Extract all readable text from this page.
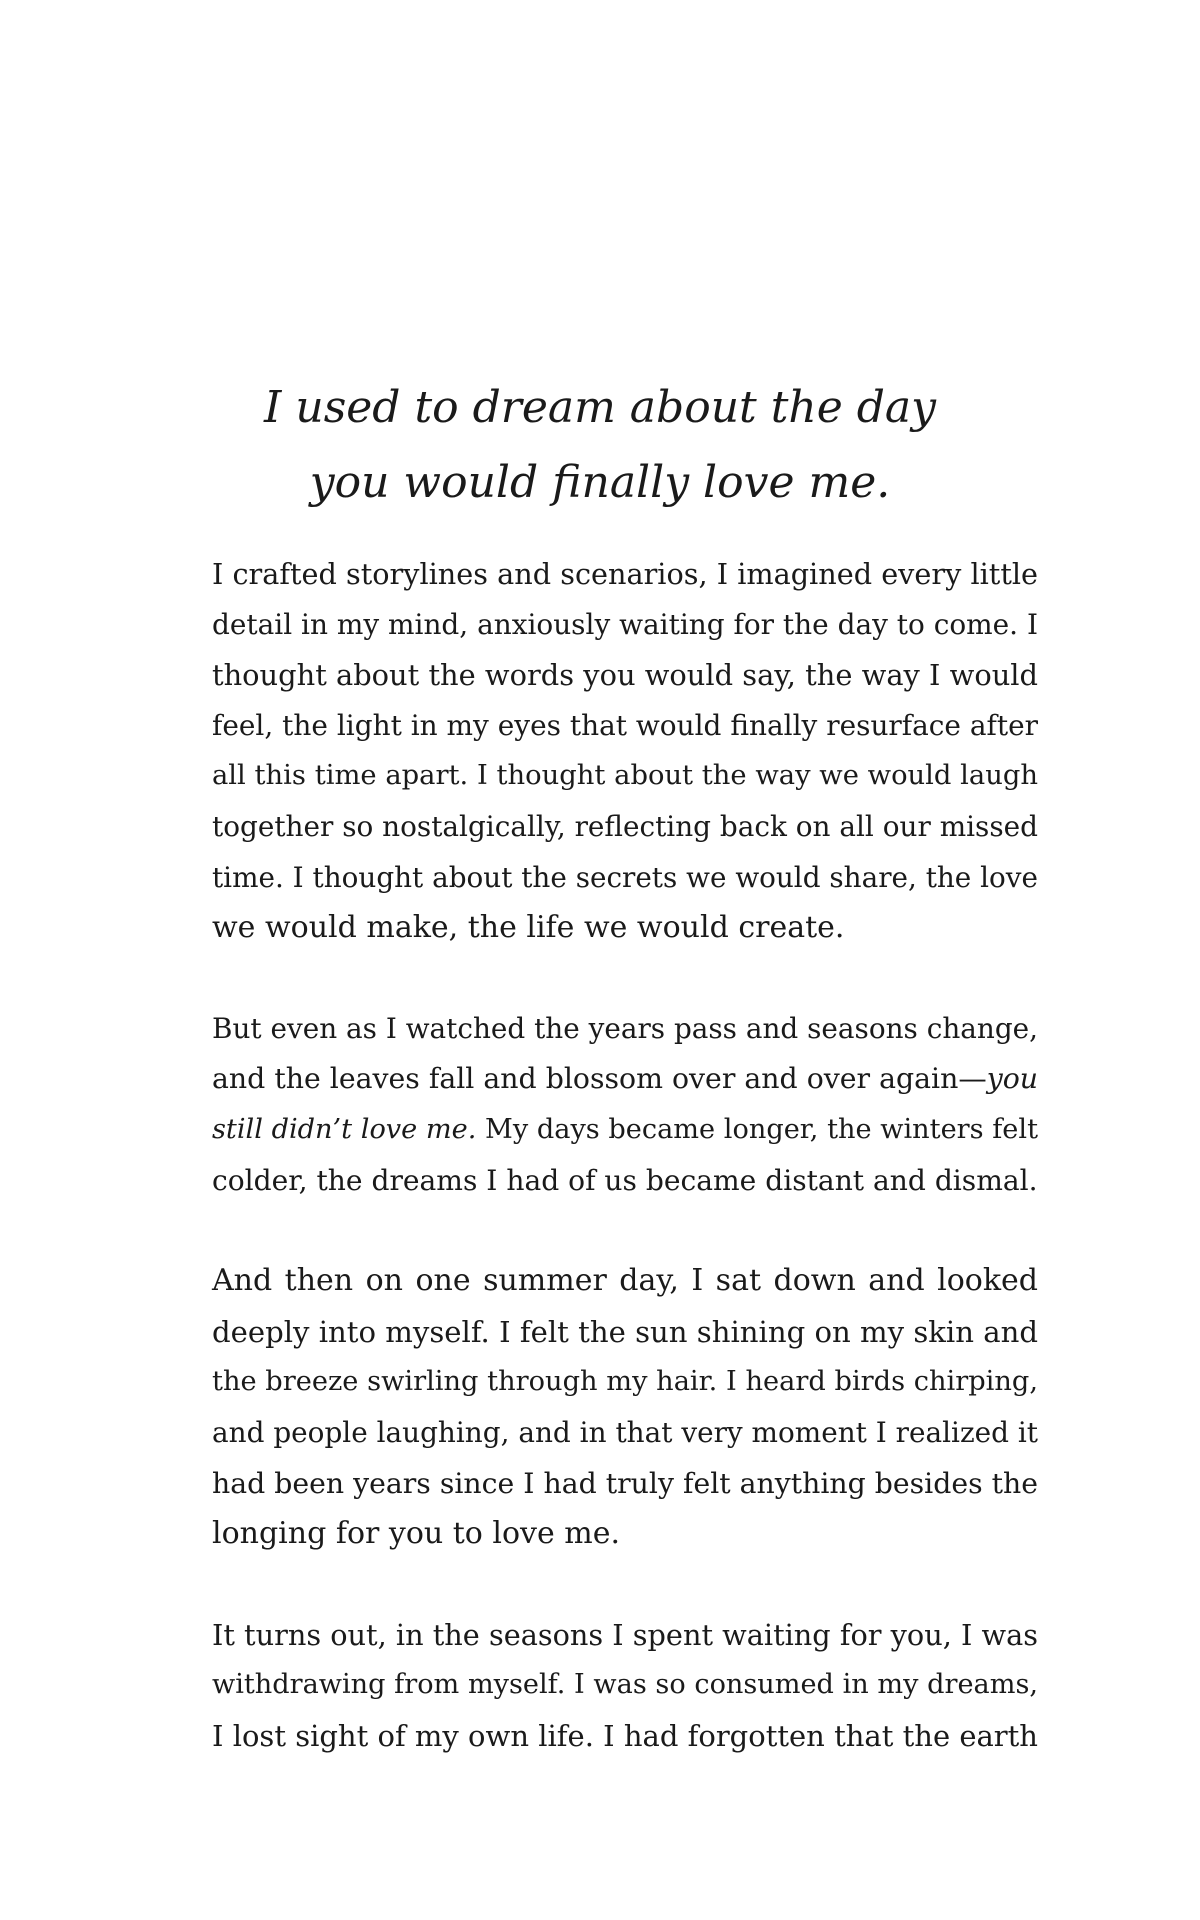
I used to dream about the day
you would finally love me.

I crafted storylines and scenarios, I imagined every little
detail in my mind, anxiously waiting for the day to come. I
thought about the words you would say, the way I would
feel, the light in my eyes that would finally resurface after
all this time apart. I thought about the way we would laugh
together so nostalgically, reflecting back on all our missed
time. I thought about the secrets we would share, the love
we would make, the life we would create.

But even as I watched the years pass and seasons change,
and the leaves fall and blossom over and over again—you
still didn’t love me. My days became longer, the winters felt
colder, the dreams I had of us became distant and dismal.

And then on one summer day, I sat down and looked
deeply into myself. I felt the sun shining on my skin and
the breeze swirling through my hair. I heard birds chirping,
and people laughing, and in that very moment I realized it
had been years since I had truly felt anything besides the
longing for you to love me.

It turns out, in the seasons I spent waiting for you, I was
withdrawing from myself. I was so consumed in my dreams,
I lost sight of my own life. I had forgotten that the earth
